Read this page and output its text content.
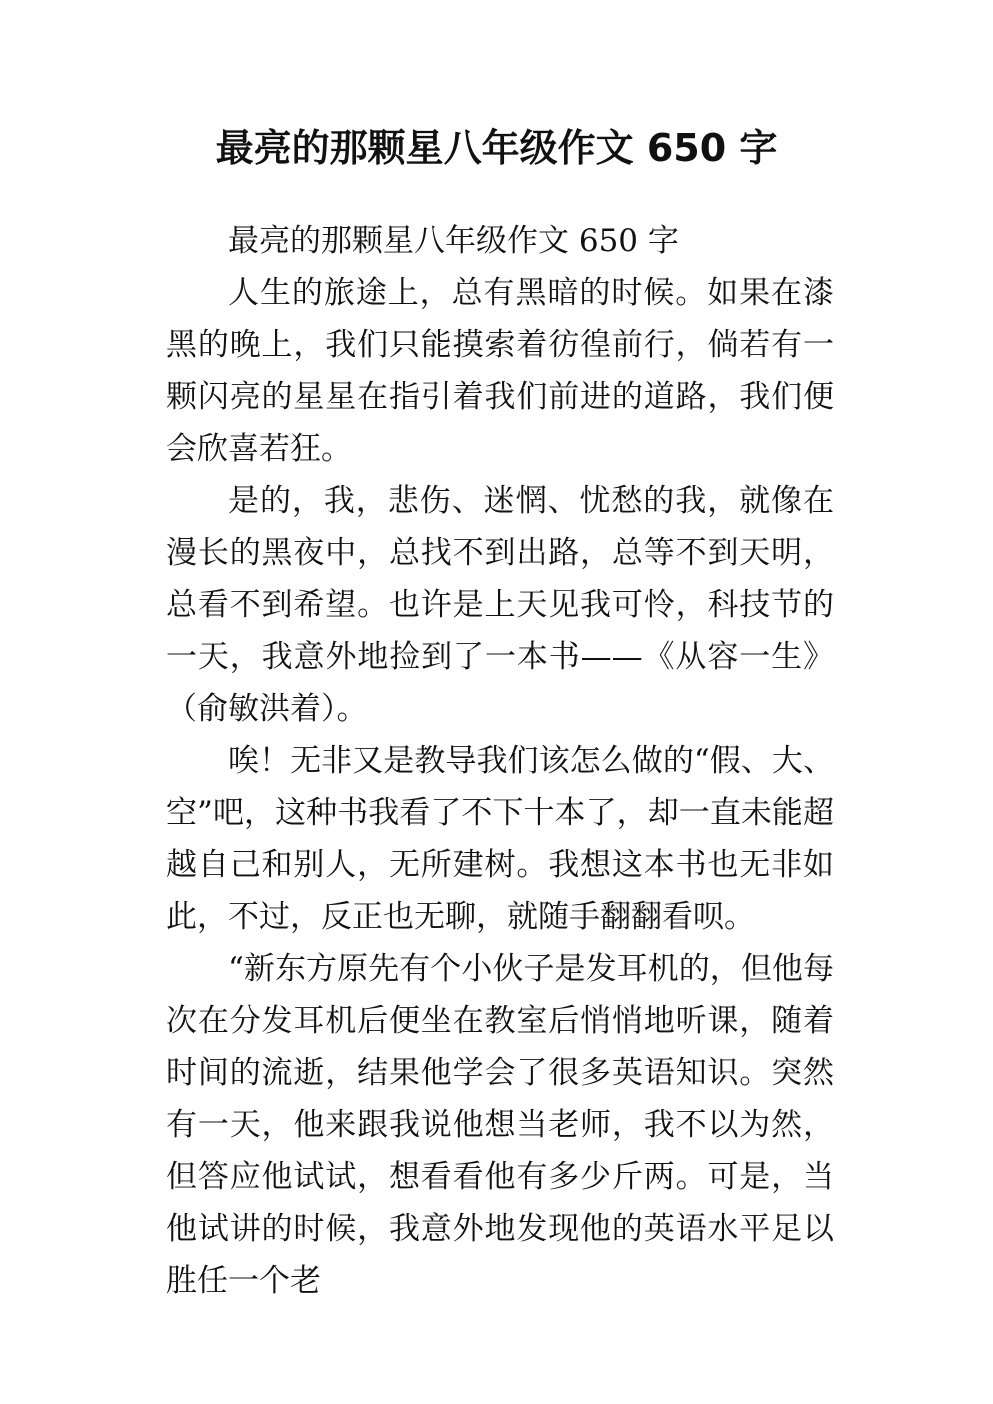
最亮的那颗星八年级作文 650 字

最亮的那颗星八年级作文 650 字

人生的旅途上，总有黑暗的时候。如果在漆黑的晚上，我们只能摸索着彷徨前行，倘若有一颗闪亮的星星在指引着我们前进的道路，我们便会欣喜若狂。

是的，我，悲伤、迷惘、忧愁的我，就像在漫长的黑夜中，总找不到出路，总等不到天明，总看不到希望。也许是上天见我可怜，科技节的一天，我意外地捡到了一本书——《从容一生》（俞敏洪着）。

唉！无非又是教导我们该怎么做的“假、大、空”吧，这种书我看了不下十本了，却一直未能超越自己和别人，无所建树。我想这本书也无非如此，不过，反正也无聊，就随手翻翻看呗。

“新东方原先有个小伙子是发耳机的，但他每次在分发耳机后便坐在教室后悄悄地听课，随着时间的流逝，结果他学会了很多英语知识。突然有一天，他来跟我说他想当老师，我不以为然，但答应他试试，想看看他有多少斤两。可是，当他试讲的时候，我意外地发现他的英语水平足以胜任一个老
